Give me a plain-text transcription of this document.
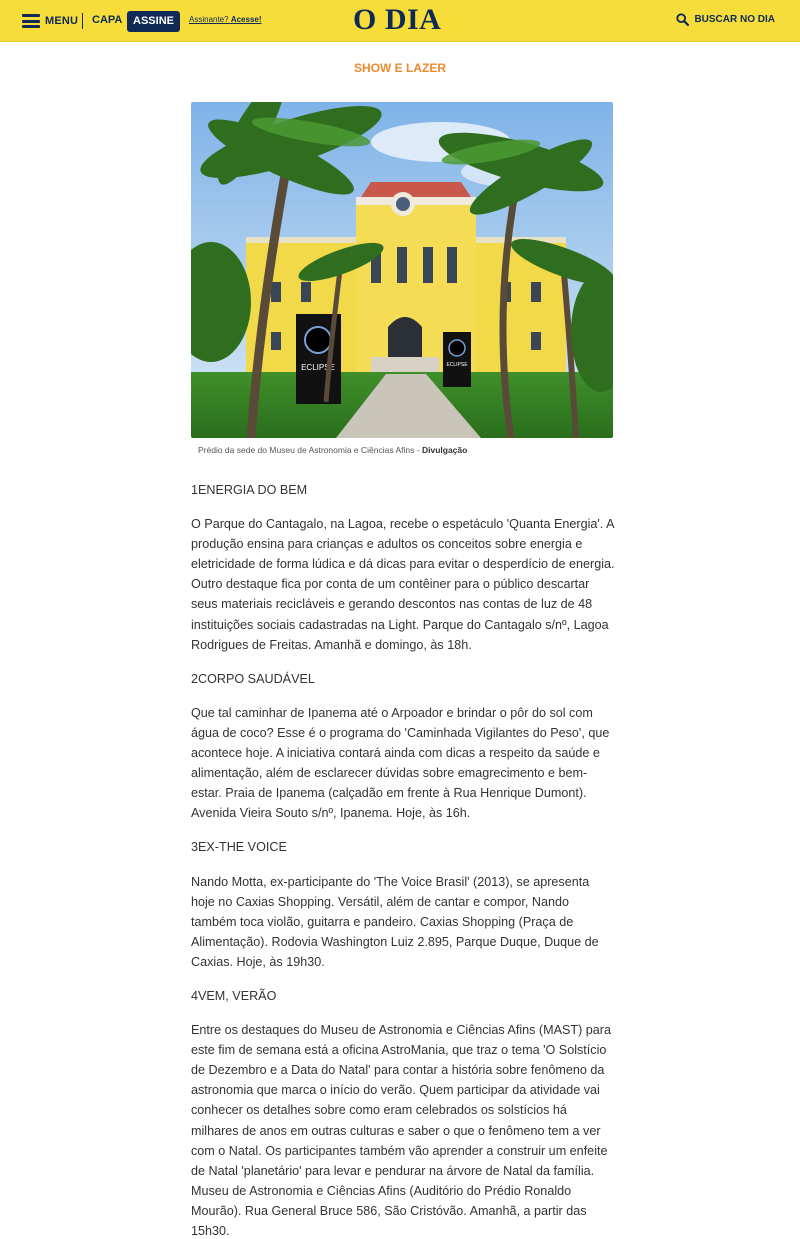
MENU CAPA ASSINE	Assinante? Acesse!	O DIA	BUSCAR NO DIA
SHOW E LAZER
ECLIPSE	ECLIPSE
Prédio da sede do Museu de Astronomia e Ciências Afins - Divulgação
1ENERGIA DO BEM

O Parque do Cantagalo, na Lagoa, recebe o espetáculo 'Quanta Energia'. A produção ensina para crianças e adultos os conceitos sobre energia e eletricidade de forma lúdica e dá dicas para evitar o desperdício de energia. Outro destaque fica por conta de um contêiner para o público descartar seus materiais recicláveis e gerando descontos nas contas de luz de 48 instituições sociais cadastradas na Light. Parque do Cantagalo s/nº, Lagoa Rodrigues de Freitas. Amanhã e domingo, às 18h.

2CORPO SAUDÁVEL

Que tal caminhar de Ipanema até o Arpoador e brindar o pôr do sol com água de coco? Esse é o programa do 'Caminhada Vigilantes do Peso', que acontece hoje. A iniciativa contará ainda com dicas a respeito da saúde e alimentação, além de esclarecer dúvidas sobre emagrecimento e bem-estar. Praia de Ipanema (calçadão em frente à Rua Henrique Dumont). Avenida Vieira Souto s/nº, Ipanema. Hoje, às 16h.

3EX-THE VOICE

Nando Motta, ex-participante do 'The Voice Brasil' (2013), se apresenta hoje no Caxias Shopping. Versátil, além de cantar e compor, Nando também toca violão, guitarra e pandeiro. Caxias Shopping (Praça de Alimentação). Rodovia Washington Luiz 2.895, Parque Duque, Duque de Caxias. Hoje, às 19h30.

4VEM, VERÃO

Entre os destaques do Museu de Astronomia e Ciências Afins (MAST) para este fim de semana está a oficina AstroMania, que traz o tema 'O Solstício de Dezembro e a Data do Natal' para contar a história sobre fenômeno da astronomia que marca o início do verão. Quem participar da atividade vai conhecer os detalhes sobre como eram celebrados os solstícios há milhares de anos em outras culturas e saber o que o fenômeno tem a ver com o Natal. Os participantes também vão aprender a construir um enfeite de Natal 'planetário' para levar e pendurar na árvore de Natal da família. Museu de Astronomia e Ciências Afins (Auditório do Prédio Ronaldo Mourão). Rua General Bruce 586, São Cristóvão. Amanhã, a partir das 15h30.
